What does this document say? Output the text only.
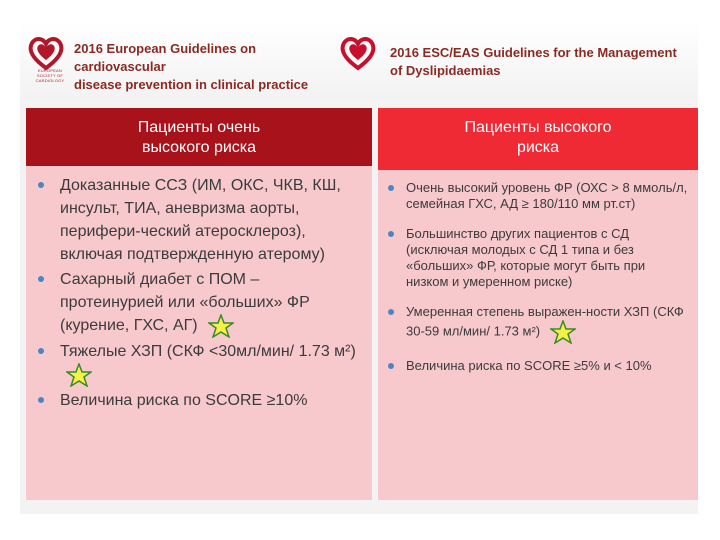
EUROPEAN
SOCIETY OF
CARDIOLOGY
2016 European Guidelines on cardiovascular
disease prevention in clinical practice
2016 ESC/EAS Guidelines for the Management
of Dyslipidaemias
Пациенты очень
высокого риска
Доказанные ССЗ (ИМ, ОКС, ЧКВ, КШ, инсульт, ТИА, аневризма аорты, перифери-ческий атеросклероз), включая подтвержденную атерому)
Сахарный диабет с ПОМ – протеинурией или «больших» ФР (курение, ГХС, АГ)
Тяжелые ХЗП (СКФ <30мл/мин/ 1.73 м²)
Величина риска по SCORE ≥10%
Пациенты высокого
риска
Очень высокий уровень ФР (ОХС > 8 ммоль/л, семейная ГХС, АД ≥ 180/110 мм рт.ст)
Большинство других пациентов с СД (исключая молодых с СД 1 типа и без «больших» ФР, которые могут быть при низком и умеренном риске)
Умеренная степень выражен-ности ХЗП (СКФ 30-59 мл/мин/ 1.73 м²)
Величина риска по SCORE ≥5% и < 10%
